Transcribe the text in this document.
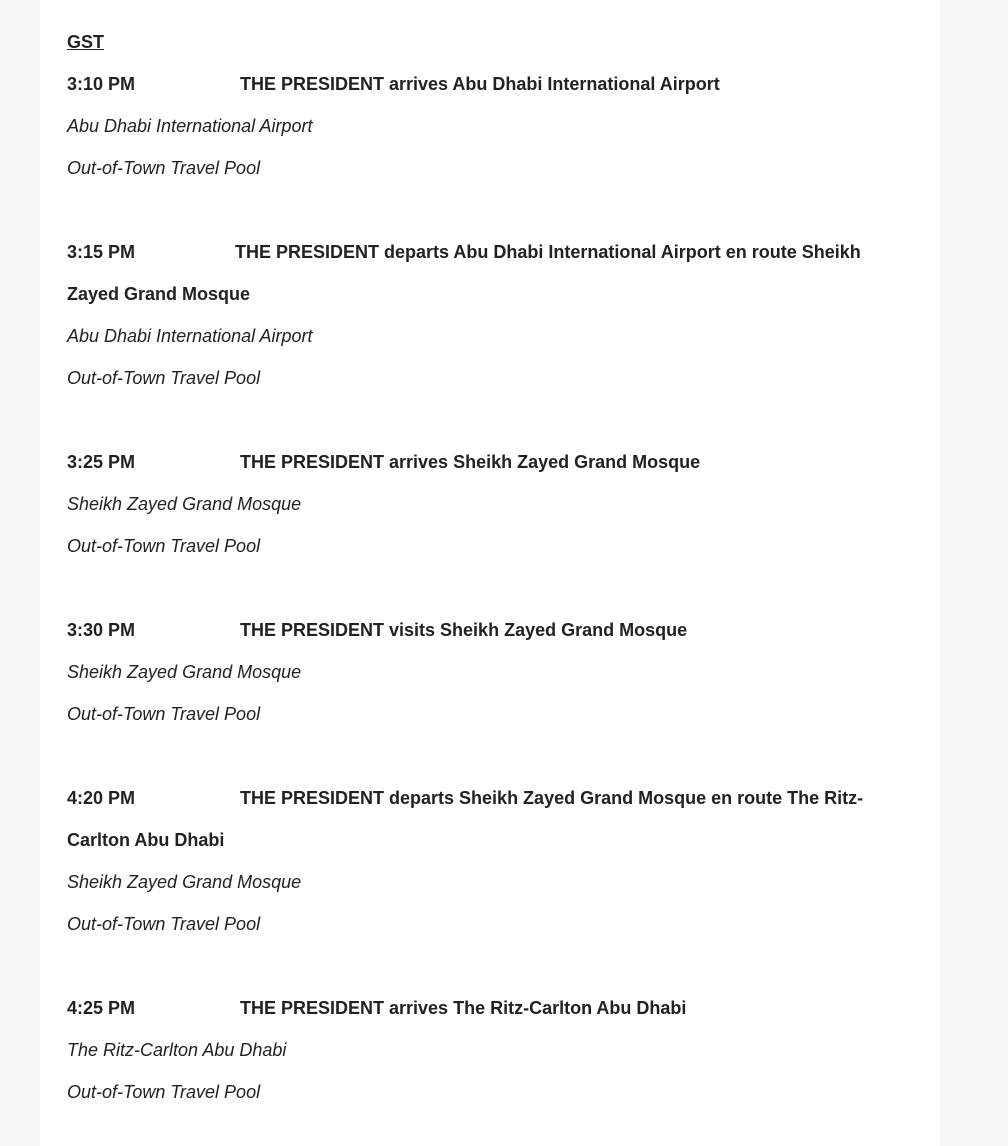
GST
3:10 PM	THE PRESIDENT arrives Abu Dhabi International Airport
Abu Dhabi International Airport
Out-of-Town Travel Pool
3:15 PM	THE PRESIDENT departs Abu Dhabi International Airport en route Sheikh
Zayed Grand Mosque
Abu Dhabi International Airport
Out-of-Town Travel Pool
3:25 PM	THE PRESIDENT arrives Sheikh Zayed Grand Mosque
Sheikh Zayed Grand Mosque
Out-of-Town Travel Pool
3:30 PM	THE PRESIDENT visits Sheikh Zayed Grand Mosque
Sheikh Zayed Grand Mosque
Out-of-Town Travel Pool
4:20 PM	THE PRESIDENT departs Sheikh Zayed Grand Mosque en route The Ritz-
Carlton Abu Dhabi
Sheikh Zayed Grand Mosque
Out-of-Town Travel Pool
4:25 PM	THE PRESIDENT arrives The Ritz-Carlton Abu Dhabi
The Ritz-Carlton Abu Dhabi
Out-of-Town Travel Pool
